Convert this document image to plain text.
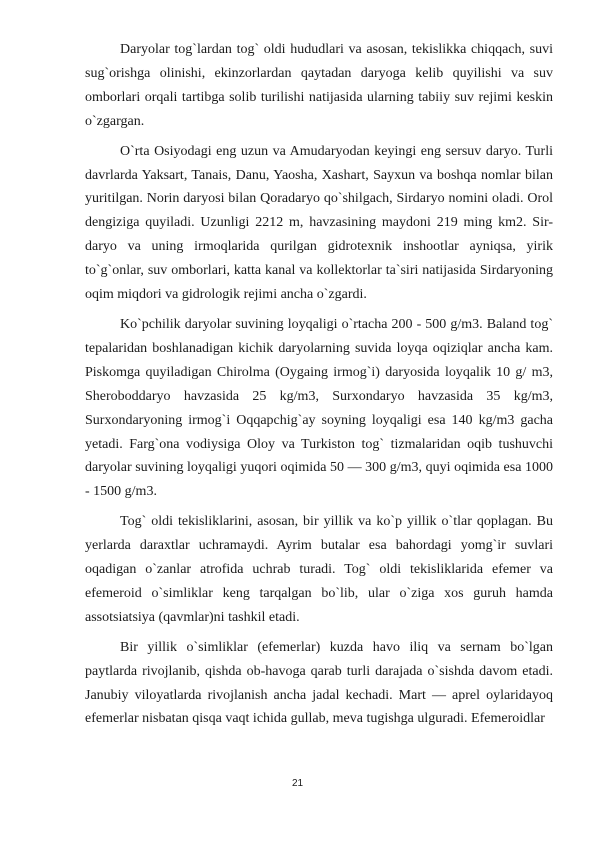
Daryolar tog`lardan tog` oldi hududlari va asosan, tekislikka chiqqach, suvi sug`orishga olinishi, ekinzorlardan qaytadan daryoga kelib quyilishi va suv omborlari orqali tartibga solib turilishi natijasida ularning tabiiy suv rejimi keskin o`zgargan.

O`rta Osiyodagi eng uzun va Amudaryodan keyingi eng sersuv daryo. Turli davrlarda Yaksart, Tanais, Danu, Yaosha, Xashart, Sayxun va boshqa nomlar bilan yuritilgan. Norin daryosi bilan Qoradaryo qo`shilgach, Sirdaryo nomini oladi. Orol dengiziga quyiladi. Uzunligi 2212 m, havzasining maydoni 219 ming km2. Sir-daryo va uning irmoqlarida qurilgan gidrotexnik inshootlar ayniqsa, yirik to`g`onlar, suv omborlari, katta kanal va kollektorlar ta`siri natijasida Sirdaryoning oqim miqdori va gidrologik rejimi ancha o`zgardi.

Ko`pchilik daryolar suvining loyqaligi o`rtacha 200 - 500 g/m3. Baland tog` tepalaridan boshlanadigan kichik daryolarning suvida loyqa oqiziqlar ancha kam. Piskomga quyiladigan Chirolma (Oygaing irmog`i) daryosida loyqalik 10 g/ m3, Sheroboddaryo havzasida 25 kg/m3, Surxondaryo havzasida 35 kg/m3, Surxondaryoning irmog`i Oqqapchig`ay soyning loyqaligi esa 140 kg/m3 gacha yetadi. Farg`ona vodiysiga Oloy va Turkiston tog` tizmalaridan oqib tushuvchi daryolar suvining loyqaligi yuqori oqimida 50 — 300 g/m3, quyi oqimida esa 1000 - 1500 g/m3.

Tog` oldi tekisliklarini, asosan, bir yillik va ko`p yillik o`tlar qoplagan. Bu yerlarda daraxtlar uchramaydi. Ayrim butalar esa bahordagi yomg`ir suvlari oqadigan o`zanlar atrofida uchrab turadi. Tog` oldi tekisliklarida efemer va efemeroid o`simliklar keng tarqalgan bo`lib, ular o`ziga xos guruh hamda assotsiatsiya (qavmlar)ni tashkil etadi.

Bir yillik o`simliklar (efemerlar) kuzda havo iliq va sernam bo`lgan paytlarda rivojlanib, qishda ob-havoga qarab turli darajada o`sishda davom etadi. Janubiy viloyatlarda rivojlanish ancha jadal kechadi. Mart — aprel oylaridayoq efemerlar nisbatan qisqa vaqt ichida gullab, meva tugishga ulguradi. Efemeroidlar

21
